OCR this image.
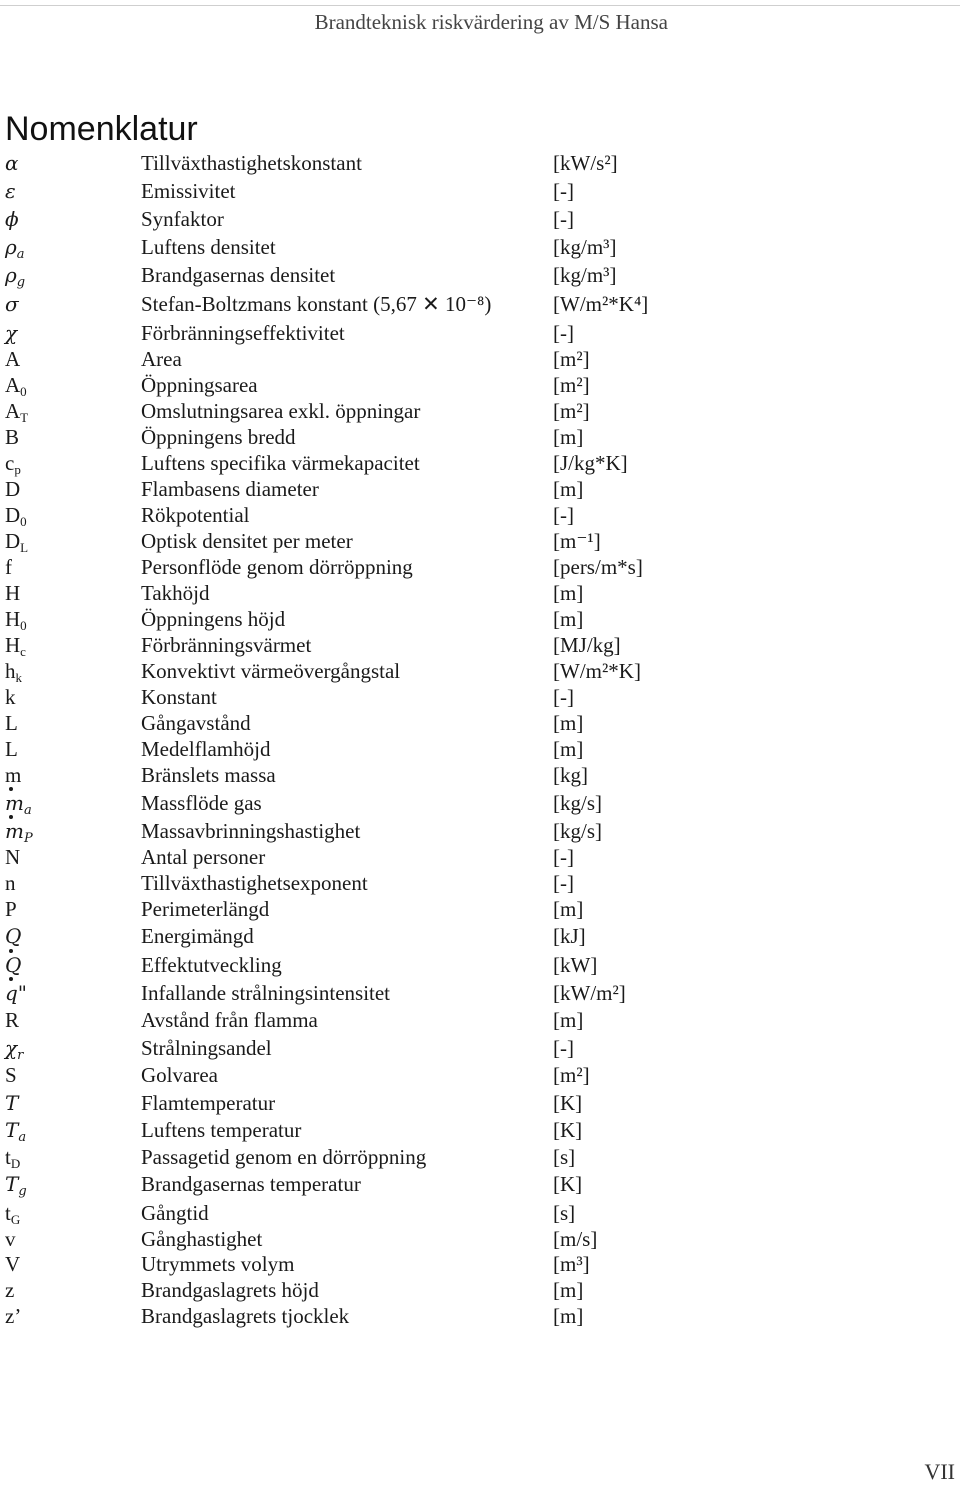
Brandteknisk riskvärdering av M/S Hansa
Nomenklatur
α	Tillväxthastighetskonstant	[kW/s²]
ε	Emissivitet	[-]
ϕ	Synfaktor	[-]
$\rho_a$	Luftens densitet	[kg/m³]
$\rho_g$	Brandgasernas densitet	[kg/m³]
σ	Stefan-Boltzmans konstant (5,67 ✕ 10⁻⁸)	[W/m²*K⁴]
χ	Förbränningseffektivitet	[-]
A	Area	[m²]
$A_0$	Öppningsarea	[m²]
$A_T$	Omslutningsarea exkl. öppningar	[m²]
B	Öppningens bredd	[m]
$c_p$	Luftens specifika värmekapacitet	[J/kg*K]
D	Flambasens diameter	[m]
$D_0$	Rökpotential	[-]
$D_L$	Optisk densitet per meter	[m⁻¹]
f	Personflöde genom dörröppning	[pers/m*s]
H	Takhöjd	[m]
$H_0$	Öppningens höjd	[m]
$H_c$	Förbränningsvärmet	[MJ/kg]
$h_k$	Konvektivt värmeövergångstal	[W/m²*K]
k	Konstant	[-]
L	Gångavstånd	[m]
L	Medelflamhöjd	[m]
m	Bränslets massa	[kg]
$m_a$	Massflöde gas	[kg/s]
$m_P$	Massavbrinningshastighet	[kg/s]
N	Antal personer	[-]
n	Tillväxthastighetsexponent	[-]
P	Perimeterlängd	[m]
Q	Energimängd	[kJ]
Q	Effektutveckling	[kW]
q"	Infallande strålningsintensitet	[kW/m²]
R	Avstånd från flamma	[m]
$\chi_r$	Strålningsandel	[-]
S	Golvarea	[m²]
T	Flamtemperatur	[K]
$T_a$	Luftens temperatur	[K]
$t_D$	Passagetid genom en dörröppning	[s]
$T_g$	Brandgasernas temperatur	[K]
$t_G$	Gångtid	[s]
v	Gånghastighet	[m/s]
V	Utrymmets volym	[m³]
z	Brandgaslagrets höjd	[m]
z’	Brandgaslagrets tjocklek	[m]
VII
